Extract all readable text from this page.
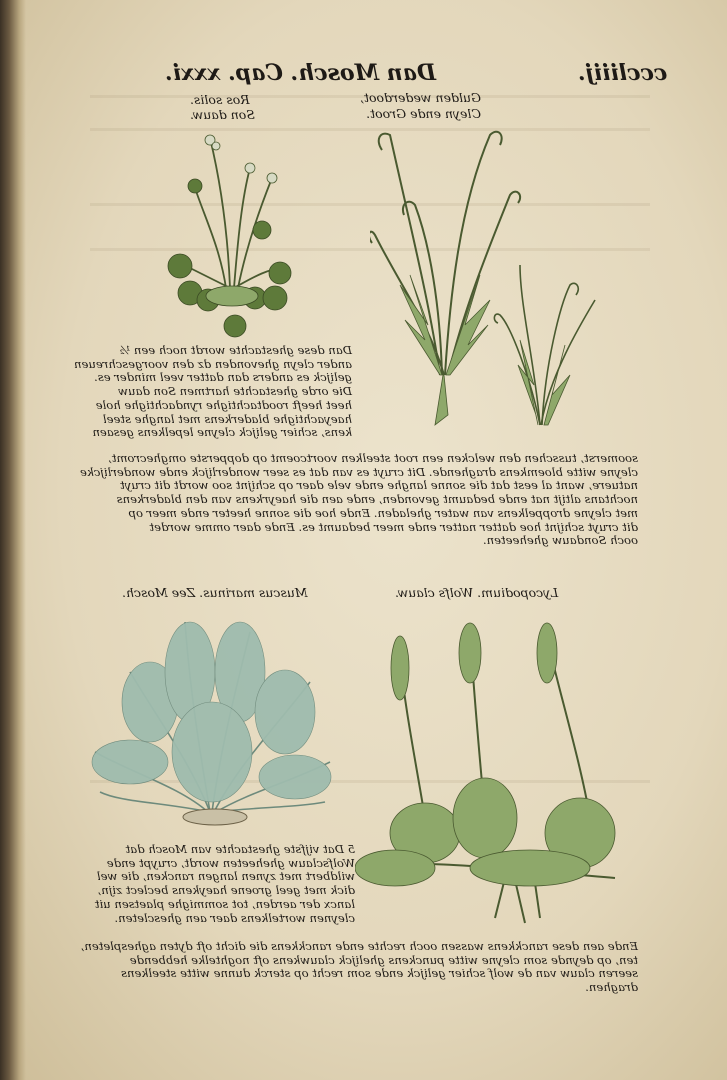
Dan Mosch. Cap. xxxi.	cccliiij.
Ros solis.
Son dauw.
Gulden wederdoot,
Cleyn ende Groot.
Dan dese ghestachte wordt noch een ½
ander cleyn ghevonden dz den voorgeschreuen
gelijck es anders dan datter veel minder es.
Die orde ghestachte hartmen Son dauw
heet heeft roodtachtighe ryndachtighe hole
haeyachtighe bladerkens met langhe steel
kens, schier gelijck cleyne lepelkens gesaen
soomerst, tusschen den welcken een root steelken voortcoemt op dopperste omghecromt,
cleyne witte bloemkens draghende. Dit cruyt es van dat es seer wonderlijck ende wonderlijcke
natuere, want al eest dat die sonne langhe ende vele daer op schijnt soo wordt dit cruyt
nochtans altijt nat ende bedaumt gevonden, ende aen die haeyrkens van den bladerkens
met cleyne droppelkens van water gheladen. Ende hoe die sonne heeter ende meer op
dit cruyt schijnt hoe datter natter ende meer bedaumt es. Ende daer omme wordet
ooch Sondauw gheheeten.
Lycopodium. Wolfs clauw.
Muscus marinus. Zee Mosch.
5 Dat vijfste ghestachte van Mosch dat
Wolfsclauw gheheeten wordt, cruypt ende
wildbert met zynen langen rancken, die wel
dick met geel groene haeykens beclect zijn,
lancx der aerden, tot sommighe plaetsen uit
cleynen wortelkens daer aen ghescleten.
Ende aen dese ranckkens wassen ooch rechte ende ranckkens die dicht oft dyten aghespleten,
ten, op deynde som cleyne witte punckens ghelijck clauwkens oft noghtelke hebbende
seeren clauw van de wolf schier gelijck ende som recht op sterck dunne witte steelkens
draghen.
